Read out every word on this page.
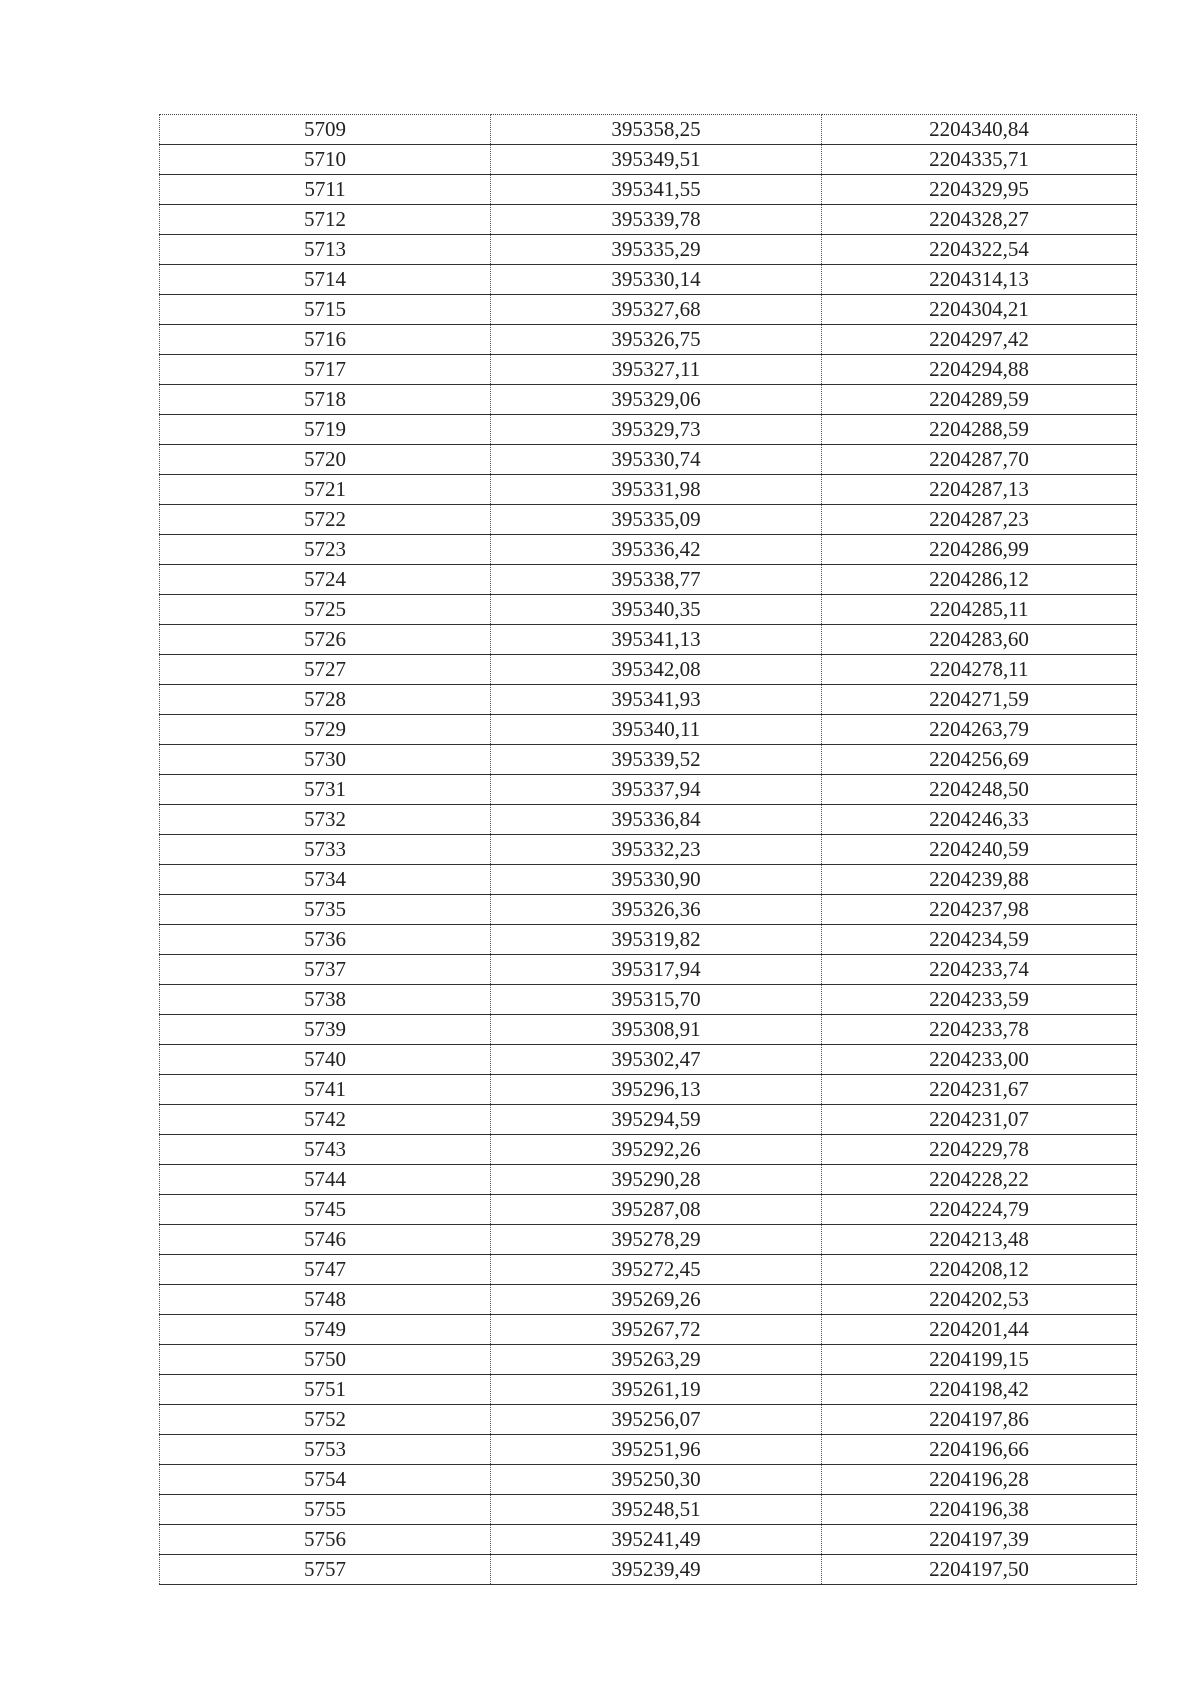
5709	395358,25	2204340,84
5710	395349,51	2204335,71
5711	395341,55	2204329,95
5712	395339,78	2204328,27
5713	395335,29	2204322,54
5714	395330,14	2204314,13
5715	395327,68	2204304,21
5716	395326,75	2204297,42
5717	395327,11	2204294,88
5718	395329,06	2204289,59
5719	395329,73	2204288,59
5720	395330,74	2204287,70
5721	395331,98	2204287,13
5722	395335,09	2204287,23
5723	395336,42	2204286,99
5724	395338,77	2204286,12
5725	395340,35	2204285,11
5726	395341,13	2204283,60
5727	395342,08	2204278,11
5728	395341,93	2204271,59
5729	395340,11	2204263,79
5730	395339,52	2204256,69
5731	395337,94	2204248,50
5732	395336,84	2204246,33
5733	395332,23	2204240,59
5734	395330,90	2204239,88
5735	395326,36	2204237,98
5736	395319,82	2204234,59
5737	395317,94	2204233,74
5738	395315,70	2204233,59
5739	395308,91	2204233,78
5740	395302,47	2204233,00
5741	395296,13	2204231,67
5742	395294,59	2204231,07
5743	395292,26	2204229,78
5744	395290,28	2204228,22
5745	395287,08	2204224,79
5746	395278,29	2204213,48
5747	395272,45	2204208,12
5748	395269,26	2204202,53
5749	395267,72	2204201,44
5750	395263,29	2204199,15
5751	395261,19	2204198,42
5752	395256,07	2204197,86
5753	395251,96	2204196,66
5754	395250,30	2204196,28
5755	395248,51	2204196,38
5756	395241,49	2204197,39
5757	395239,49	2204197,50
